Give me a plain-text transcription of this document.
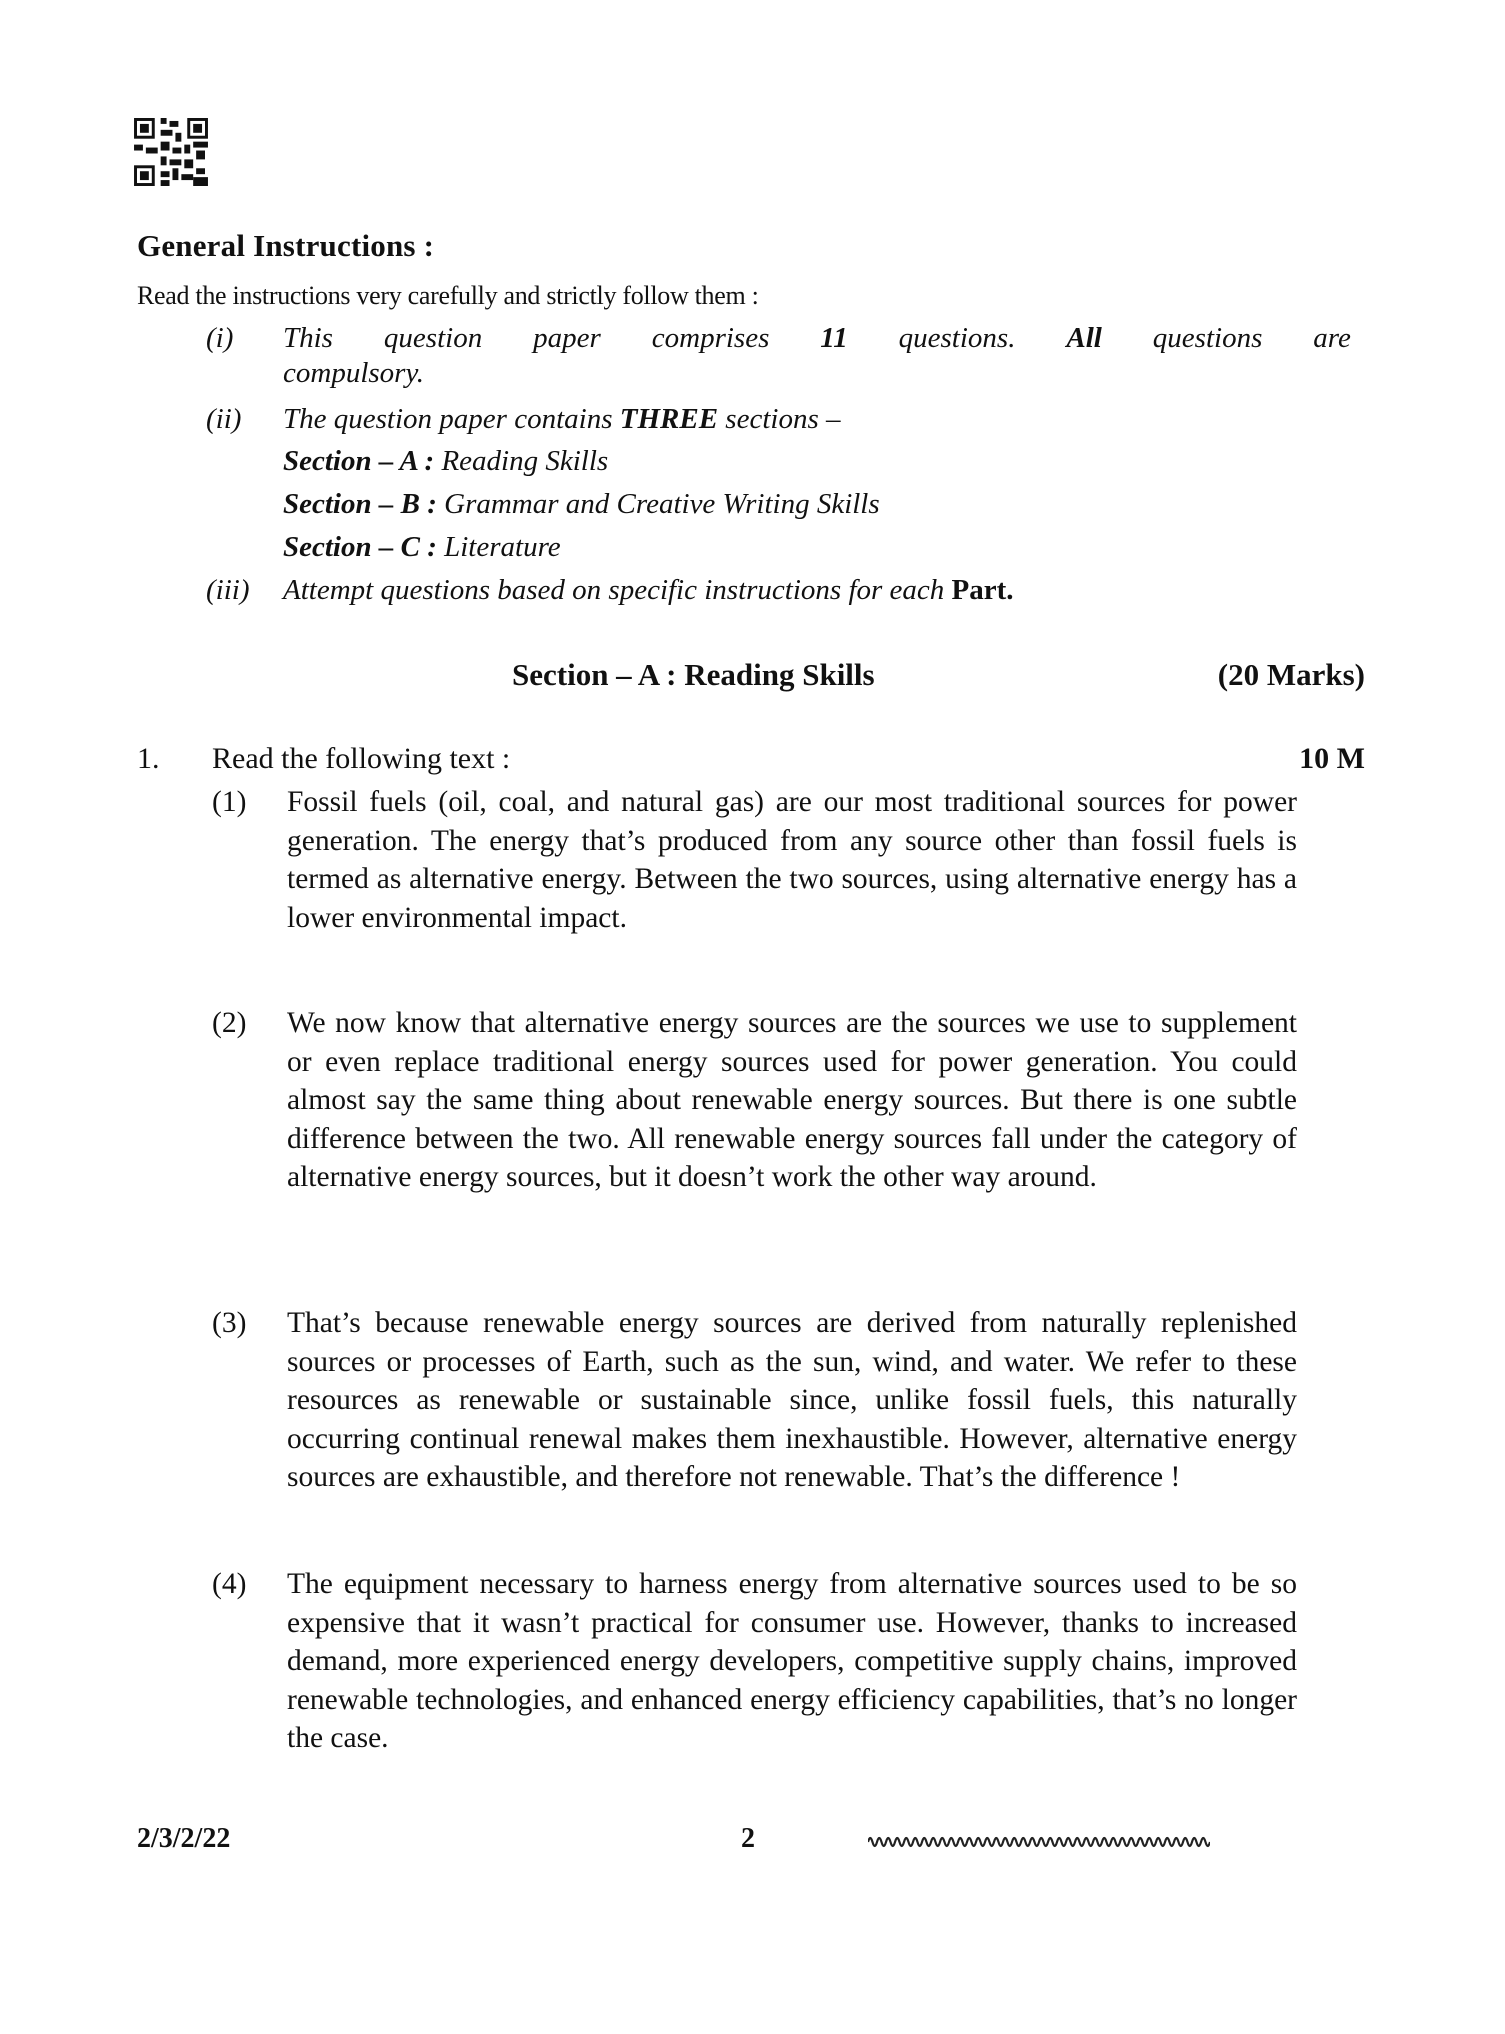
General Instructions :
Read the instructions very carefully and strictly follow them :
(i) This question paper comprises 11 questions. All questions are
compulsory.
(ii) The question paper contains THREE sections –
Section – A : Reading Skills
Section – B : Grammar and Creative Writing Skills
Section – C : Literature
(iii) Attempt questions based on specific instructions for each Part.
Section – A : Reading Skills	(20 Marks)
1. Read the following text :	10 M
(1) Fossil fuels (oil, coal, and natural gas) are our most traditional sources for power generation. The energy that’s produced from any source other than fossil fuels is termed as alternative energy. Between the two sources, using alternative energy has a lower environmental impact.
(2) We now know that alternative energy sources are the sources we use to supplement or even replace traditional energy sources used for power generation. You could almost say the same thing about renewable energy sources. But there is one subtle difference between the two. All renewable energy sources fall under the category of alternative energy sources, but it doesn’t work the other way around.
(3) That’s because renewable energy sources are derived from naturally replenished sources or processes of Earth, such as the sun, wind, and water. We refer to these resources as renewable or sustainable since, unlike fossil fuels, this naturally occurring continual renewal makes them inexhaustible. However, alternative energy sources are exhaustible, and therefore not renewable. That’s the difference !
(4) The equipment necessary to harness energy from alternative sources used to be so expensive that it wasn’t practical for consumer use. However, thanks to increased demand, more experienced energy developers, competitive supply chains, improved renewable technologies, and enhanced energy efficiency capabilities, that’s no longer the case.
2/3/2/22	2
